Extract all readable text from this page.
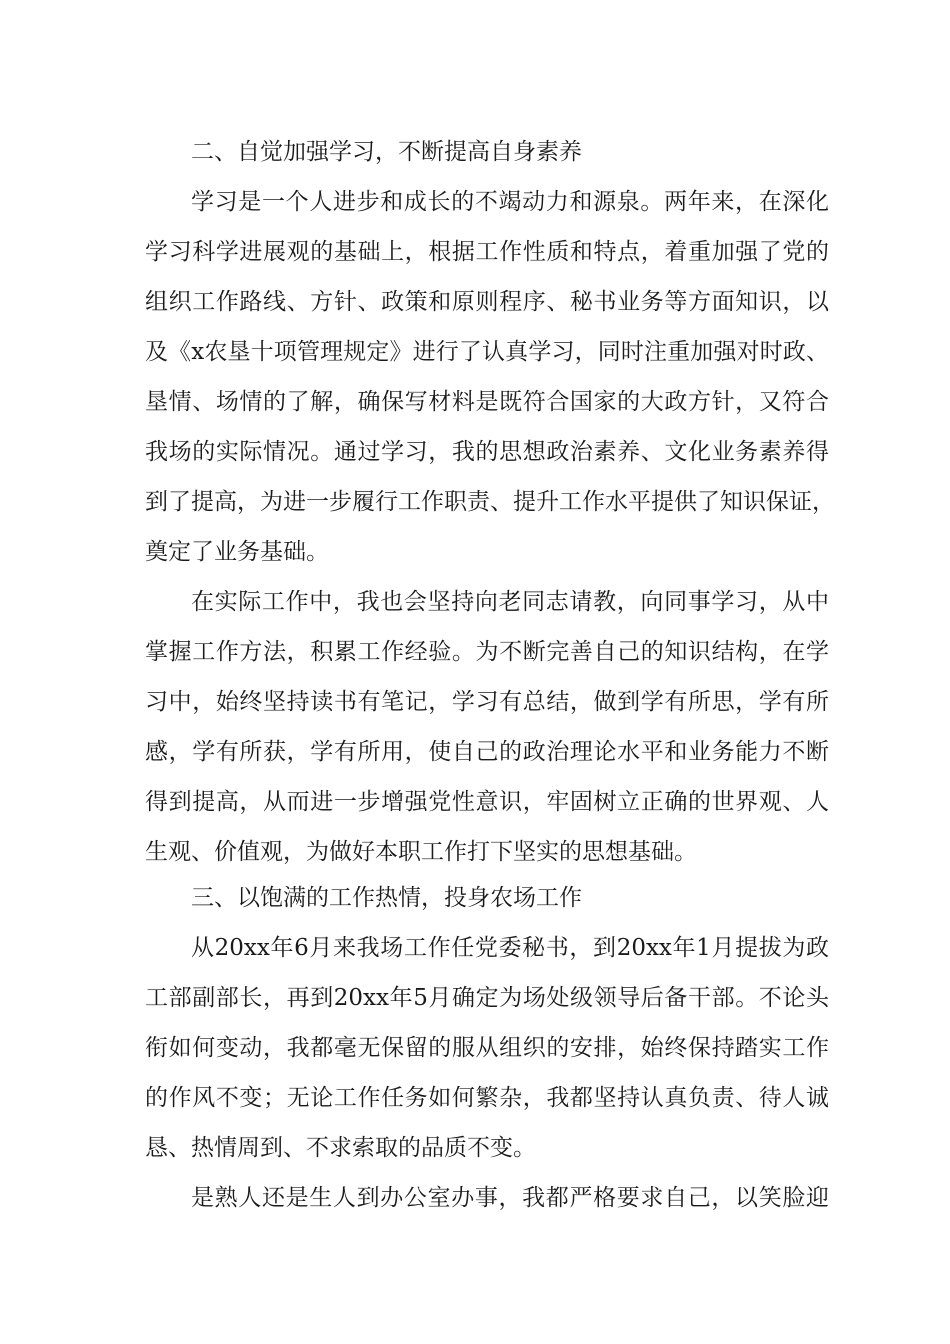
二、自觉加强学习，不断提高自身素养
学习是一个人进步和成长的不竭动力和源泉。两年来，在深化
学习科学进展观的基础上，根据工作性质和特点，着重加强了党的
组织工作路线、方针、政策和原则程序、秘书业务等方面知识，以
及《x农垦十项管理规定》进行了认真学习，同时注重加强对时政、
垦情、场情的了解，确保写材料是既符合国家的大政方针，又符合
我场的实际情况。通过学习，我的思想政治素养、文化业务素养得
到了提高，为进一步履行工作职责、提升工作水平提供了知识保证，
奠定了业务基础。
在实际工作中，我也会坚持向老同志请教，向同事学习，从中
掌握工作方法，积累工作经验。为不断完善自己的知识结构，在学
习中，始终坚持读书有笔记，学习有总结，做到学有所思，学有所
感，学有所获，学有所用，使自己的政治理论水平和业务能力不断
得到提高，从而进一步增强党性意识，牢固树立正确的世界观、人
生观、价值观，为做好本职工作打下坚实的思想基础。
三、以饱满的工作热情，投身农场工作
从20xx年6月来我场工作任党委秘书，到20xx年1月提拔为政
工部副部长，再到20xx年5月确定为场处级领导后备干部。不论头
衔如何变动，我都毫无保留的服从组织的安排，始终保持踏实工作
的作风不变；无论工作任务如何繁杂，我都坚持认真负责、待人诚
恳、热情周到、不求索取的品质不变。
是熟人还是生人到办公室办事，我都严格要求自己，以笑脸迎
